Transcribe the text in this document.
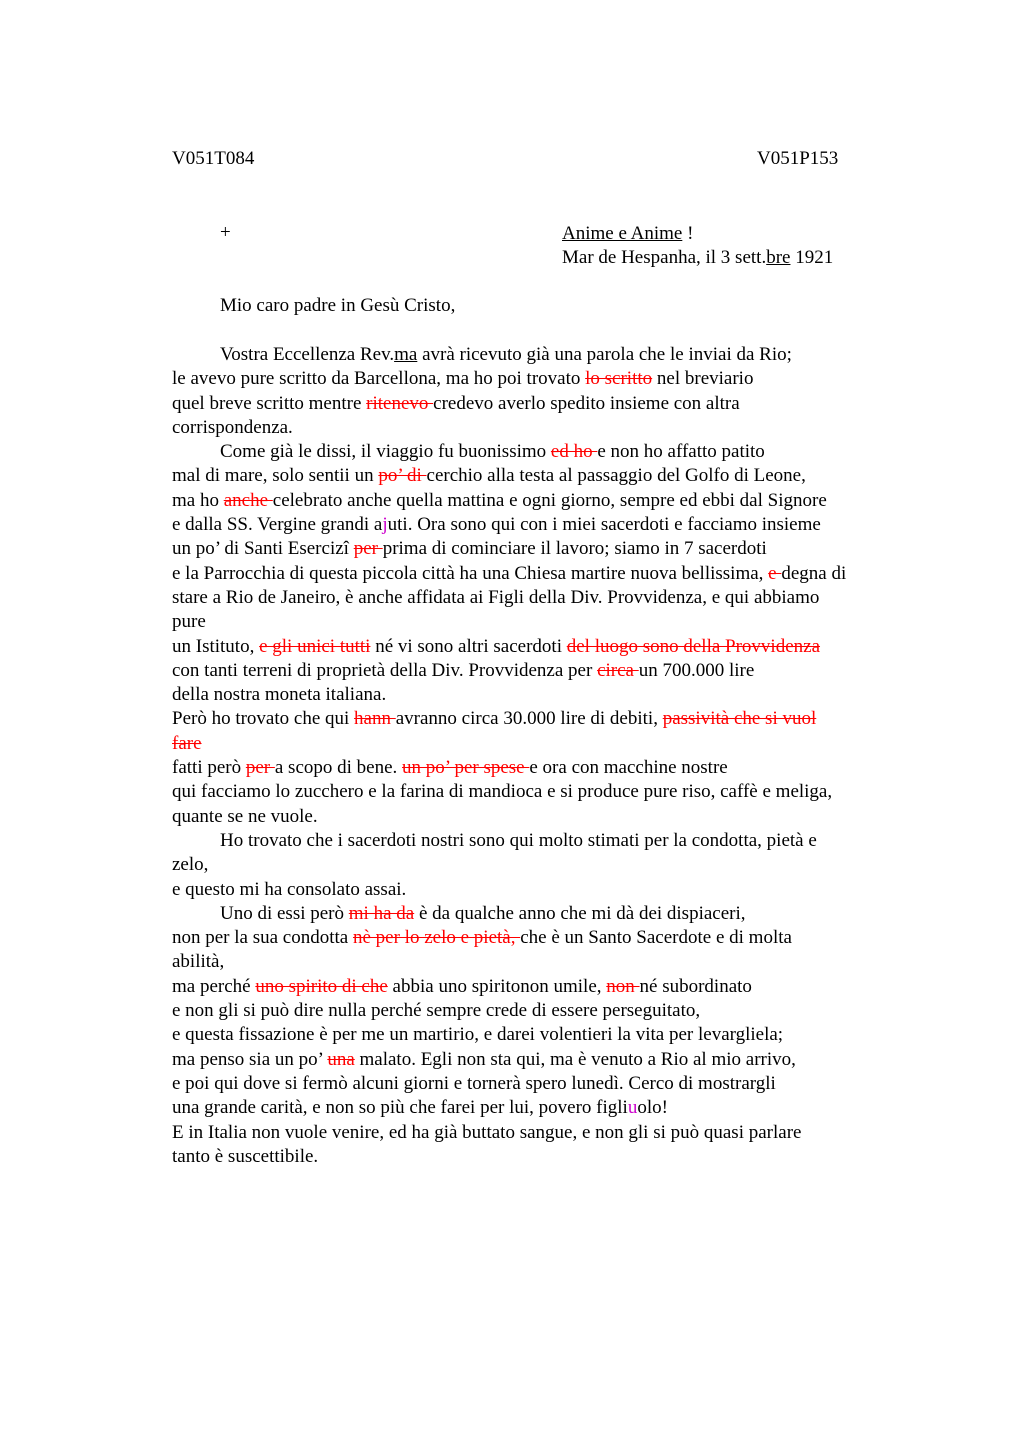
V051T084	V051P153
+	Anime e Anime !
Mar de Hespanha, il 3 sett.bre 1921
Mio caro padre in Gesù Cristo,
Vostra Eccellenza Rev.ma avrà ricevuto già una parola che le inviai da Rio;
le avevo pure scritto da Barcellona, ma ho poi trovato lo scritto nel breviario
quel breve scritto mentre ritenevo credevo averlo spedito insieme con altra
corrispondenza.
Come già le dissi, il viaggio fu buonissimo ed ho e non ho affatto patito
mal di mare, solo sentii un po’ di cerchio alla testa al passaggio del Golfo di Leone,
ma ho anche celebrato anche quella mattina e ogni giorno, sempre ed ebbi dal Signore
e dalla SS. Vergine grandi ajuti. Ora sono qui con i miei sacerdoti e facciamo insieme
un po’ di Santi Esercizi per prima di cominciare il lavoro; siamo in 7 sacerdoti
e la Parrocchia di questa piccola città ha una Chiesa martire nuova bellissima, e degna di
stare a Rio de Janeiro, è anche affidata ai Figli della Div. Provvidenza, e qui abbiamo
pure
un Istituto, e gli unici tutti né vi sono altri sacerdoti del luogo sono della Provvidenza
con tanti terreni di proprietà della Div. Provvidenza per circa un 700.000 lire
della nostra moneta italiana.
Però ho trovato che qui hann avranno circa 30.000 lire di debiti, passività che si vuol
fare
fatti però per a scopo di bene. un po’ per spese e ora con macchine nostre
qui facciamo lo zucchero e la farina di mandioca e si produce pure riso, caffè e meliga,
quante se ne vuole.
Ho trovato che i sacerdoti nostri sono qui molto stimati per la condotta, pietà e
zelo,
e questo mi ha consolato assai.
Uno di essi però mi ha da è da qualche anno che mi dà dei dispiaceri,
non per la sua condotta nè per lo zelo e pietà, che è un Santo Sacerdote e di molta
abilità,
ma perché uno spirito di che abbia uno spiritonon umile, non né subordinato
e non gli si può dire nulla perché sempre crede di essere perseguitato,
e questa fissazione è per me un martirio, e darei volentieri la vita per levargliela;
ma penso sia un po’ una malato. Egli non sta qui, ma è venuto a Rio al mio arrivo,
e poi qui dove si fermò alcuni giorni e tornerà spero lunedì. Cerco di mostrargli
una grande carità, e non so più che farei per lui, povero figliuolo!
E in Italia non vuole venire, ed ha già buttato sangue, e non gli si può quasi parlare
tanto è suscettibile.
